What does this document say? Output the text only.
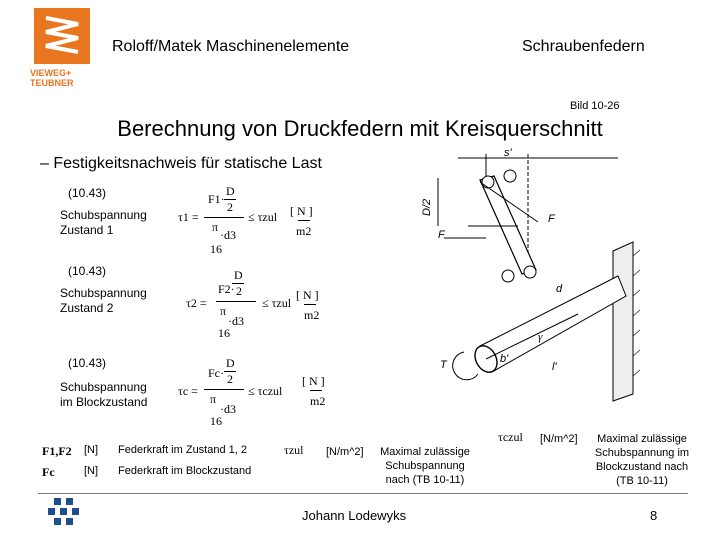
VIEWEG+
TEUBNER
Roloff/Matek Maschinenelemente	Schraubenfedern
Bild 10-26
Berechnung von Druckfedern mit Kreisquerschnitt
– Festigkeitsnachweis für statische Last
(10.43)
Schubspannung
Zustand 1
τ1 =
F1·
D
2
π
·d3
16
≤ τzul [ N ]
m2
(10.43)
Schubspannung
Zustand 2	τ2 =
F2·
D
2
π
·d3
16
≤ τzul
[ N ]
m2
(10.43)
Schubspannung
im Blockzustand
τc =
Fc·
D
2
π
·d3
16
≤ τczul
[ N ]
m2
F1,F2 [N] Federkraft im Zustand 1, 2
Fc	[N] Federkraft im Blockzustand
τzul [N/m^2]	Maximal zulässige
Schubspannung
nach (TB 10-11)
τczul [N/m^2]	Maximal zulässige
Schubspannung im
Blockzustand nach
(TB 10-11)
s'
D/2
F
F
d
γ
b'
l'
T
Johann Lodewyks	8
